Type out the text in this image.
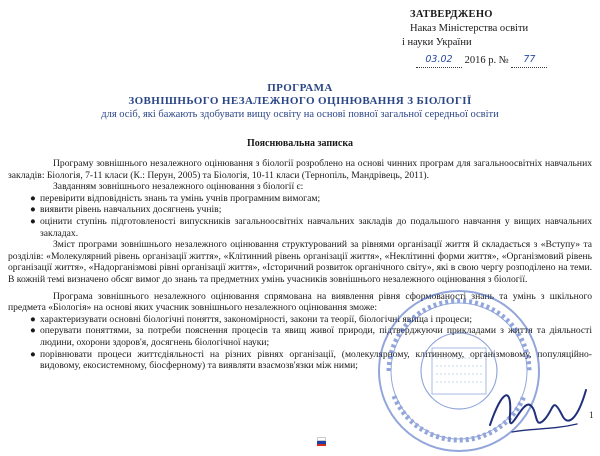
ЗАТВЕРДЖЕНО
Наказ Міністерства освіти
і науки України
03.02 2016 р. № 77
ПРОГРАМА
ЗОВНІШНЬОГО НЕЗАЛЕЖНОГО ОЦІНЮВАННЯ З БІОЛОГІЇ
для осіб, які бажають здобувати вищу освіту на основі повної загальної середньої освіти
Пояснювальна записка

Програму зовнішнього незалежного оцінювання з біології розроблено на основі чинних програм для загальноосвітніх навчальних закладів: Біологія, 7-11 класи (К.: Перун, 2005) та Біологія, 10-11 класи (Тернопіль, Мандрівець, 2011).

Завданням зовнішнього незалежного оцінювання з біології є:

● перевірити відповідність знань та умінь учнів програмним вимогам;

● виявити рівень навчальних досягнень учнів;

● оцінити ступінь підготовленості випускників загальноосвітніх навчальних закладів до подальшого навчання у вищих навчальних закладах.

Зміст програми зовнішнього незалежного оцінювання структурований за рівнями організації життя й складається з «Вступу» та розділів: «Молекулярний рівень організації життя», «Клітинний рівень організації життя», «Неклітинні форми життя», «Організмовий рівень організації життя», «Надорганізмові рівні організації життя», «Історичний розвиток органічного світу», які в свою чергу розподілено на теми. В кожній темі визначено обсяг вимог до знань та предметних умінь учасників зовнішнього незалежного оцінювання з біології.

Програма зовнішнього незалежного оцінювання спрямована на виявлення рівня сформованості знань та умінь з шкільного предмета «Біологія» на основі яких учасник зовнішнього незалежного оцінювання зможе:

● характеризувати основні біологічні поняття, закономірності, закони та теорії, біологічні явища і процеси;

● оперувати поняттями, за потреби пояснення процесів та явищ живої природи, підтверджуючи прикладами з життя та діяльності людини, охорони здоров'я, досягнень біологічної науки;

● порівнювати процеси життєдіяльності на різних рівнях організації, (молекулярному, клітинному, організмовому, популяційно-видовому, екосистемному, біосферному) та виявляти взаємозв'язки між ними;

1
